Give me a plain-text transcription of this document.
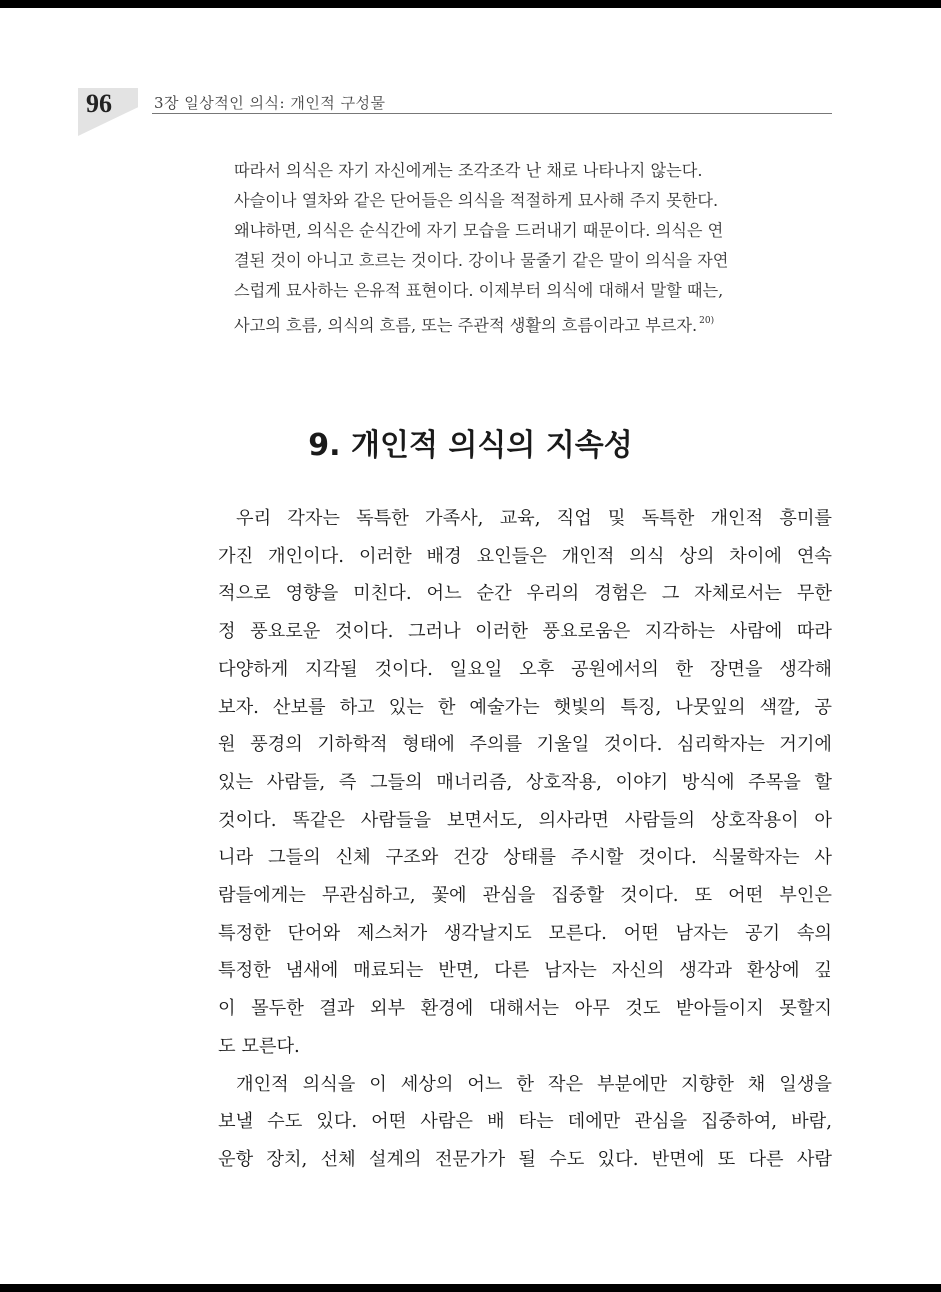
96	3장 일상적인 의식: 개인적 구성물

따라서 의식은 자기 자신에게는 조각조각 난 채로 나타나지 않는다.
사슬이나 열차와 같은 단어들은 의식을 적절하게 묘사해 주지 못한다.
왜냐하면, 의식은 순식간에 자기 모습을 드러내기 때문이다. 의식은 연
결된 것이 아니고 흐르는 것이다. 강이나 물줄기 같은 말이 의식을 자연
스럽게 묘사하는 은유적 표현이다. 이제부터 의식에 대해서 말할 때는,
사고의 흐름, 의식의 흐름, 또는 주관적 생활의 흐름이라고 부르자. $^{20)}$

9. 개인적 의식의 지속성
우리 각자는 독특한 가족사, 교육, 직업 및 독특한 개인적 흥미를
가진 개인이다. 이러한 배경 요인들은 개인적 의식 상의 차이에 연속
적으로 영향을 미친다. 어느 순간 우리의 경험은 그 자체로서는 무한
정 풍요로운 것이다. 그러나 이러한 풍요로움은 지각하는 사람에 따라
다양하게 지각될 것이다. 일요일 오후 공원에서의 한 장면을 생각해
보자. 산보를 하고 있는 한 예술가는 햇빛의 특징, 나뭇잎의 색깔, 공
원 풍경의 기하학적 형태에 주의를 기울일 것이다. 심리학자는 거기에
있는 사람들, 즉 그들의 매너리즘, 상호작용, 이야기 방식에 주목을 할
것이다. 똑같은 사람들을 보면서도, 의사라면 사람들의 상호작용이 아
니라 그들의 신체 구조와 건강 상태를 주시할 것이다. 식물학자는 사
람들에게는 무관심하고, 꽃에 관심을 집중할 것이다. 또 어떤 부인은
특정한 단어와 제스처가 생각날지도 모른다. 어떤 남자는 공기 속의
특정한 냄새에 매료되는 반면, 다른 남자는 자신의 생각과 환상에 깊
이 몰두한 결과 외부 환경에 대해서는 아무 것도 받아들이지 못할지
도 모른다.
개인적 의식을 이 세상의 어느 한 작은 부분에만 지향한 채 일생을
보낼 수도 있다. 어떤 사람은 배 타는 데에만 관심을 집중하여, 바람,
운항 장치, 선체 설계의 전문가가 될 수도 있다. 반면에 또 다른 사람
